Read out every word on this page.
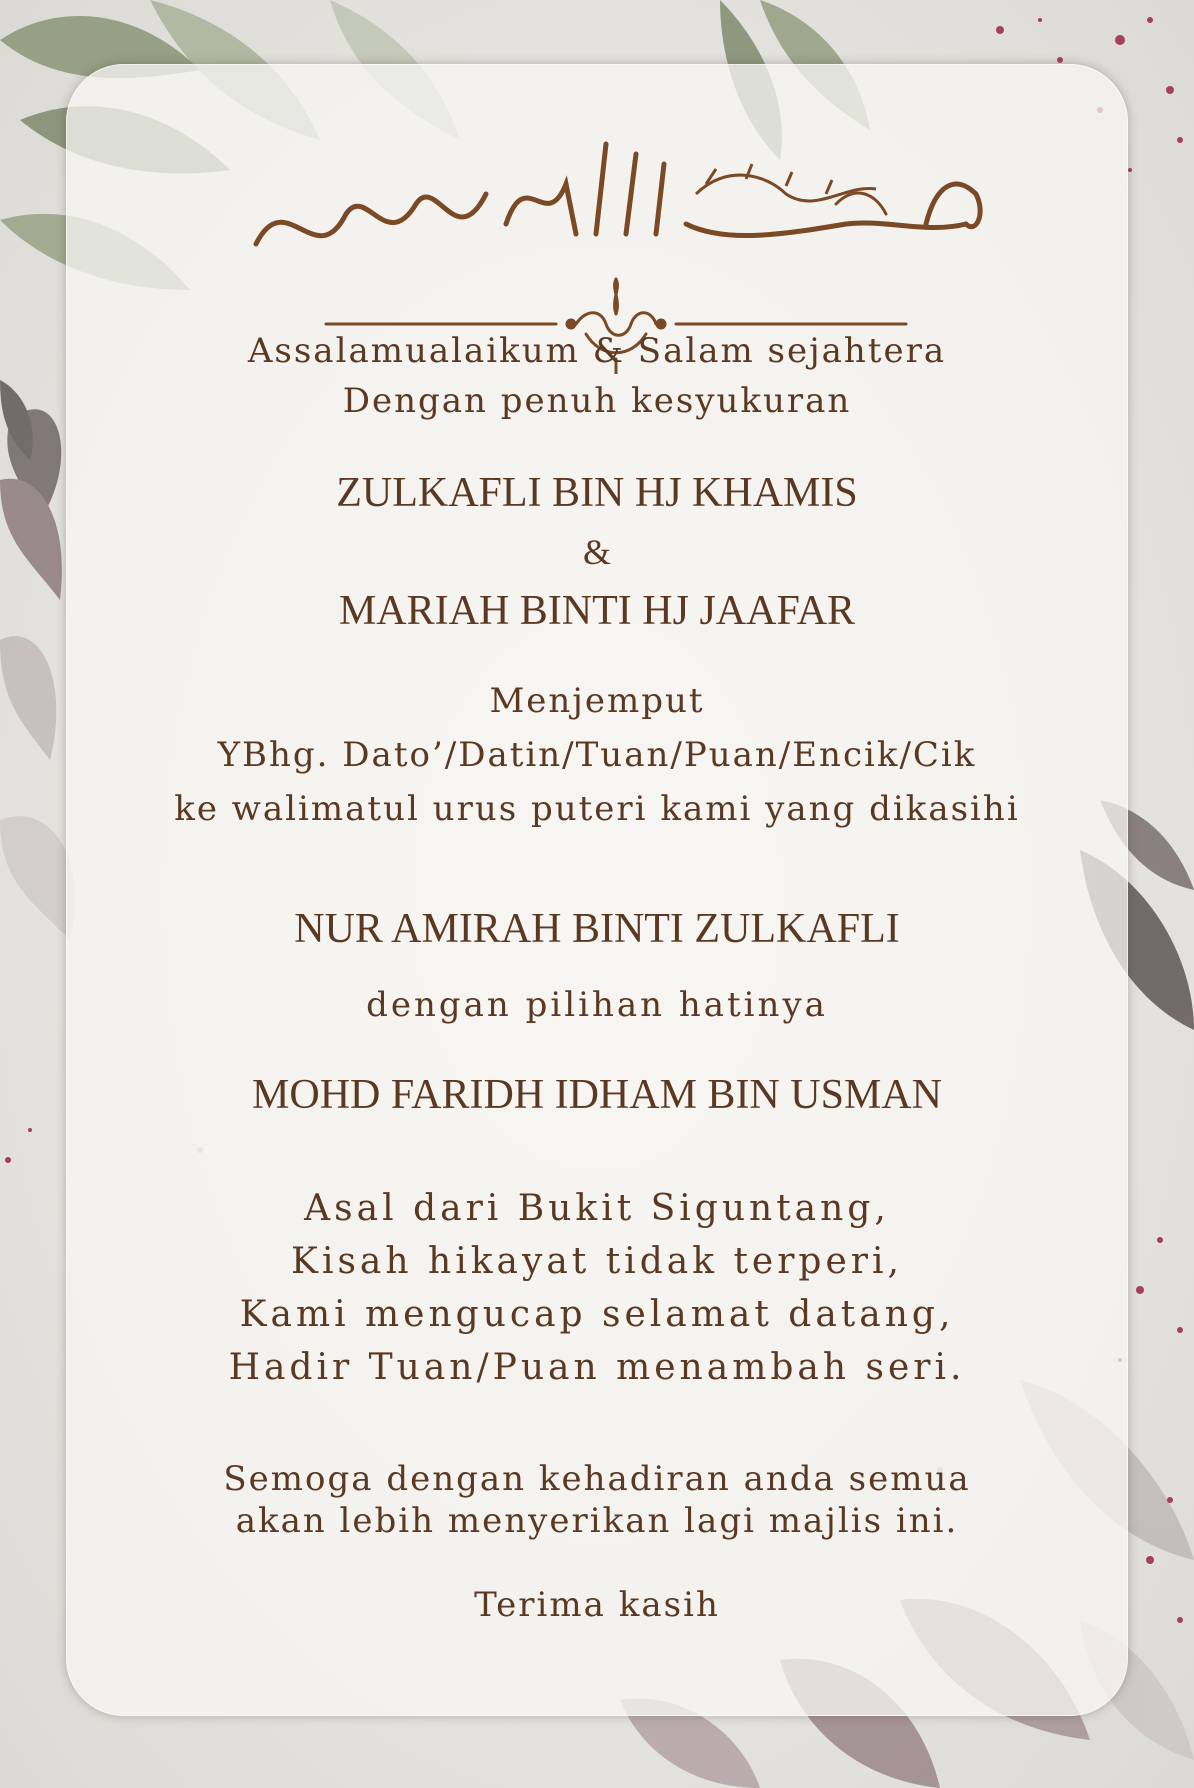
Assalamualaikum & Salam sejahtera
Dengan penuh kesyukuran
ZULKAFLI BIN HJ KHAMIS
&
MARIAH BINTI HJ JAAFAR
Menjemput
YBhg. Dato’/Datin/Tuan/Puan/Encik/Cik
ke walimatul urus puteri kami yang dikasihi
NUR AMIRAH BINTI ZULKAFLI
dengan pilihan hatinya
MOHD FARIDH IDHAM BIN USMAN
Asal dari Bukit Siguntang,
Kisah hikayat tidak terperi,
Kami mengucap selamat datang,
Hadir Tuan/Puan menambah seri.
Semoga dengan kehadiran anda semua
akan lebih menyerikan lagi majlis ini.
Terima kasih
